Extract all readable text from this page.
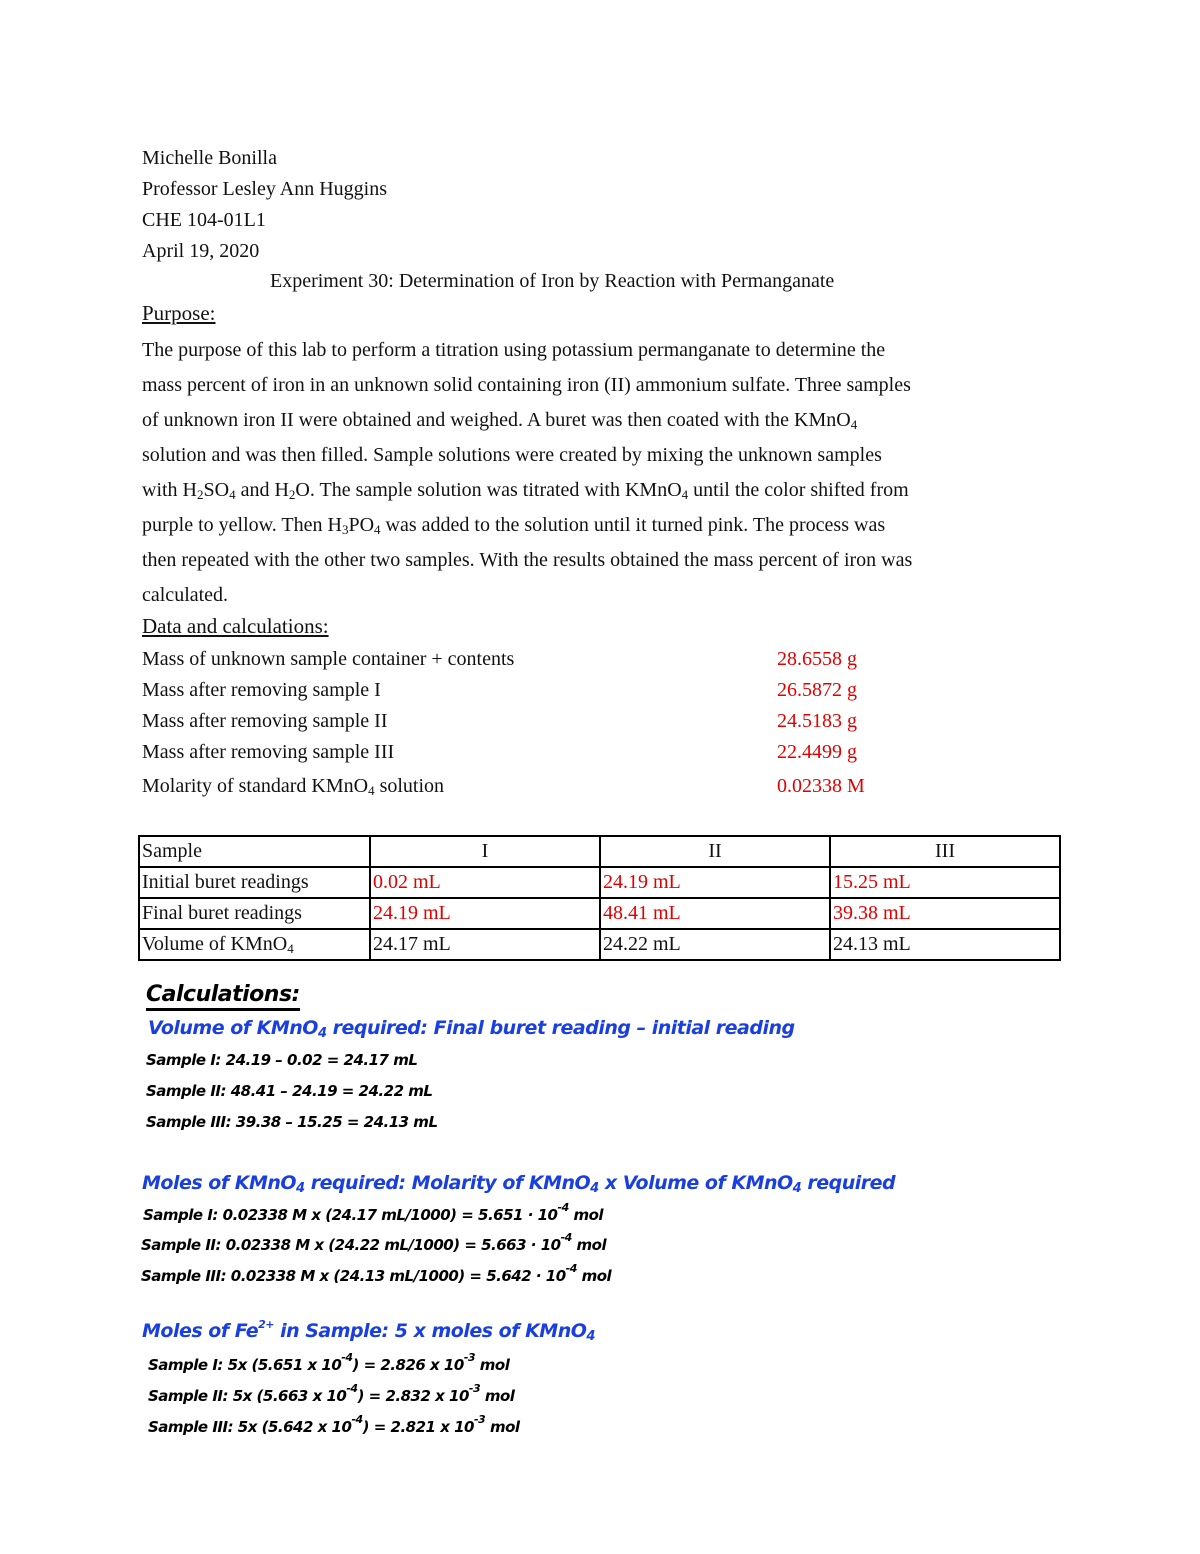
Michelle Bonilla
Professor Lesley Ann Huggins
CHE 104-01L1
April 19, 2020
Experiment 30: Determination of Iron by Reaction with Permanganate
Purpose:
The purpose of this lab to perform a titration using potassium permanganate to determine the
mass percent of iron in an unknown solid containing iron (II) ammonium sulfate. Three samples
of unknown iron II were obtained and weighed. A buret was then coated with the KMnO$_4$
solution and was then filled. Sample solutions were created by mixing the unknown samples
with $H_2SO_4$ and $H_2O$. The sample solution was titrated with KMnO$_4$ until the color shifted from
purple to yellow. Then $H_3PO_4$ was added to the solution until it turned pink. The process was
then repeated with the other two samples. With the results obtained the mass percent of iron was
calculated.
Data and calculations:
Mass of unknown sample container + contents	28.6558 g
Mass after removing sample I	26.5872 g
Mass after removing sample II	24.5183 g
Mass after removing sample III	22.4499 g
Molarity of standard KMnO$_4$ solution	0.02338 M
Sample	I	II	III
Initial buret readings	0.02 mL	24.19 mL	15.25 mL
Final buret readings	24.19 mL	48.41 mL	39.38 mL
Volume of KMnO$_4$	24.17 mL	24.22 mL	24.13 mL
Calculations:
Volume of KMnO$_4$ required: Final buret reading – initial reading
Sample I: 24.19 – 0.02 = 24.17 mL
Sample II: 48.41 – 24.19 = 24.22 mL
Sample III: 39.38 – 15.25 = 24.13 mL
Moles of KMnO$_4$ required: Molarity of KMnO$_4$ x Volume of KMnO$_4$ required
Sample I: 0.02338 M x (24.17 $mL/1000) = 5.651 \cdot 10^{-4}$ mol
Sample II: 0.02338 M x (24.22 $mL/1000) = 5.663 \cdot 10^{-4}$ mol
Sample III: 0.02338 M x (24.13 $mL/1000) = 5.642 \cdot 10^{-4}$ mol
Moles of $Fe^{2+}$ in Sample: 5 x moles of KMnO$_4$
Sample I: 5x (5.651 x $10^{-4}) = 2.826$ x $10^{-3}$ mol
Sample II: 5x (5.663 x $10^{-4}) = 2.832$ x $10^{-3}$ mol
Sample III: 5x (5.642 x $10^{-4}) = 2.821$ x $10^{-3}$ mol
